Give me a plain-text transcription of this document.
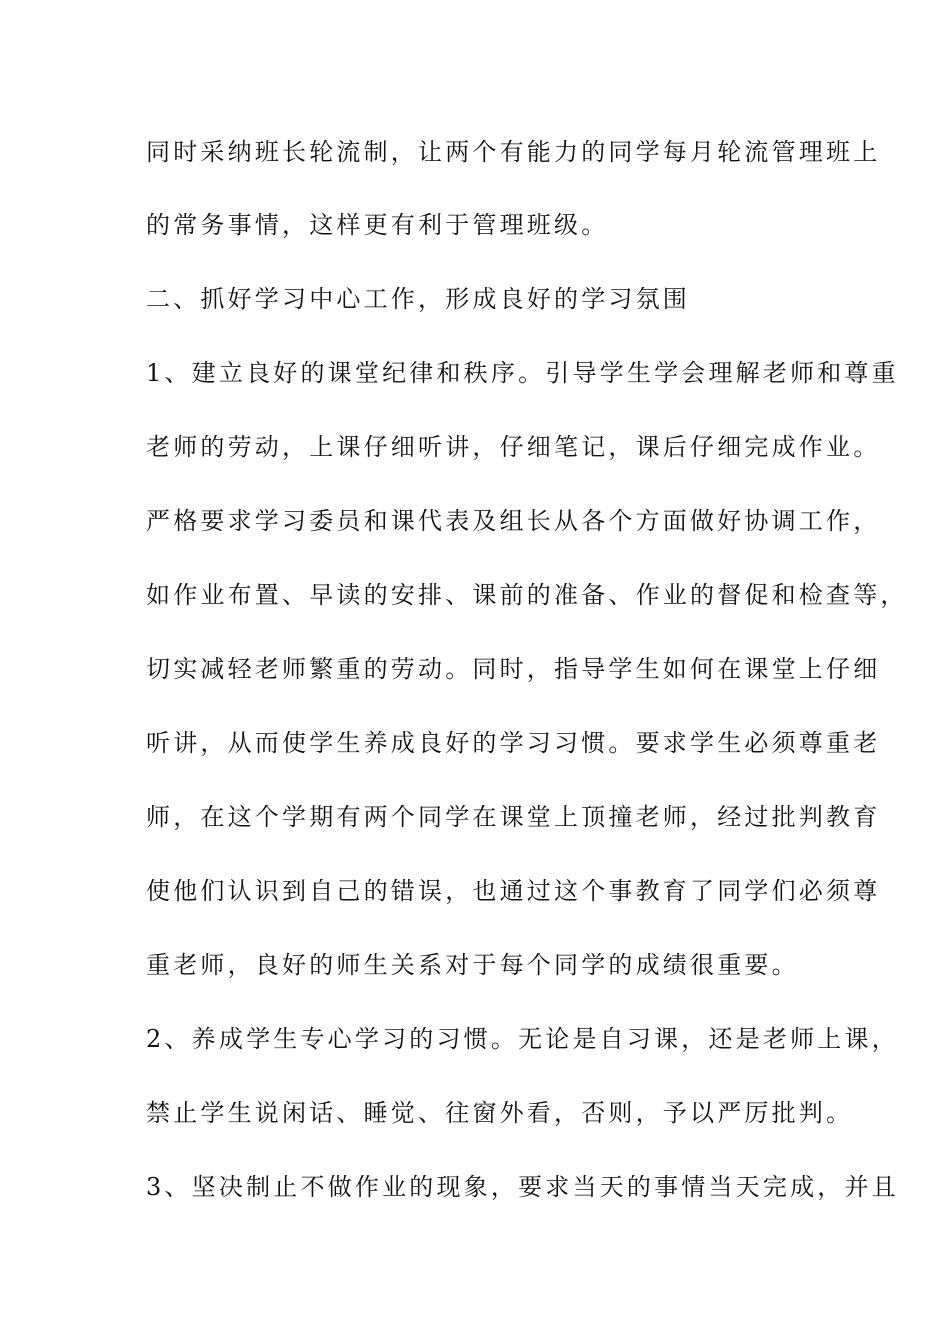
同时采纳班长轮流制，让两个有能力的同学每月轮流管理班上
的常务事情，这样更有利于管理班级。
二、抓好学习中心工作，形成良好的学习氛围
1、建立良好的课堂纪律和秩序。引导学生学会理解老师和尊重
老师的劳动，上课仔细听讲，仔细笔记，课后仔细完成作业。
严格要求学习委员和课代表及组长从各个方面做好协调工作，
如作业布置、早读的安排、课前的准备、作业的督促和检查等，
切实减轻老师繁重的劳动。同时，指导学生如何在课堂上仔细
听讲，从而使学生养成良好的学习习惯。要求学生必须尊重老
师，在这个学期有两个同学在课堂上顶撞老师，经过批判教育
使他们认识到自己的错误，也通过这个事教育了同学们必须尊
重老师，良好的师生关系对于每个同学的成绩很重要。
2、养成学生专心学习的习惯。无论是自习课，还是老师上课，
禁止学生说闲话、睡觉、往窗外看，否则，予以严厉批判。
3、坚决制止不做作业的现象，要求当天的事情当天完成，并且
